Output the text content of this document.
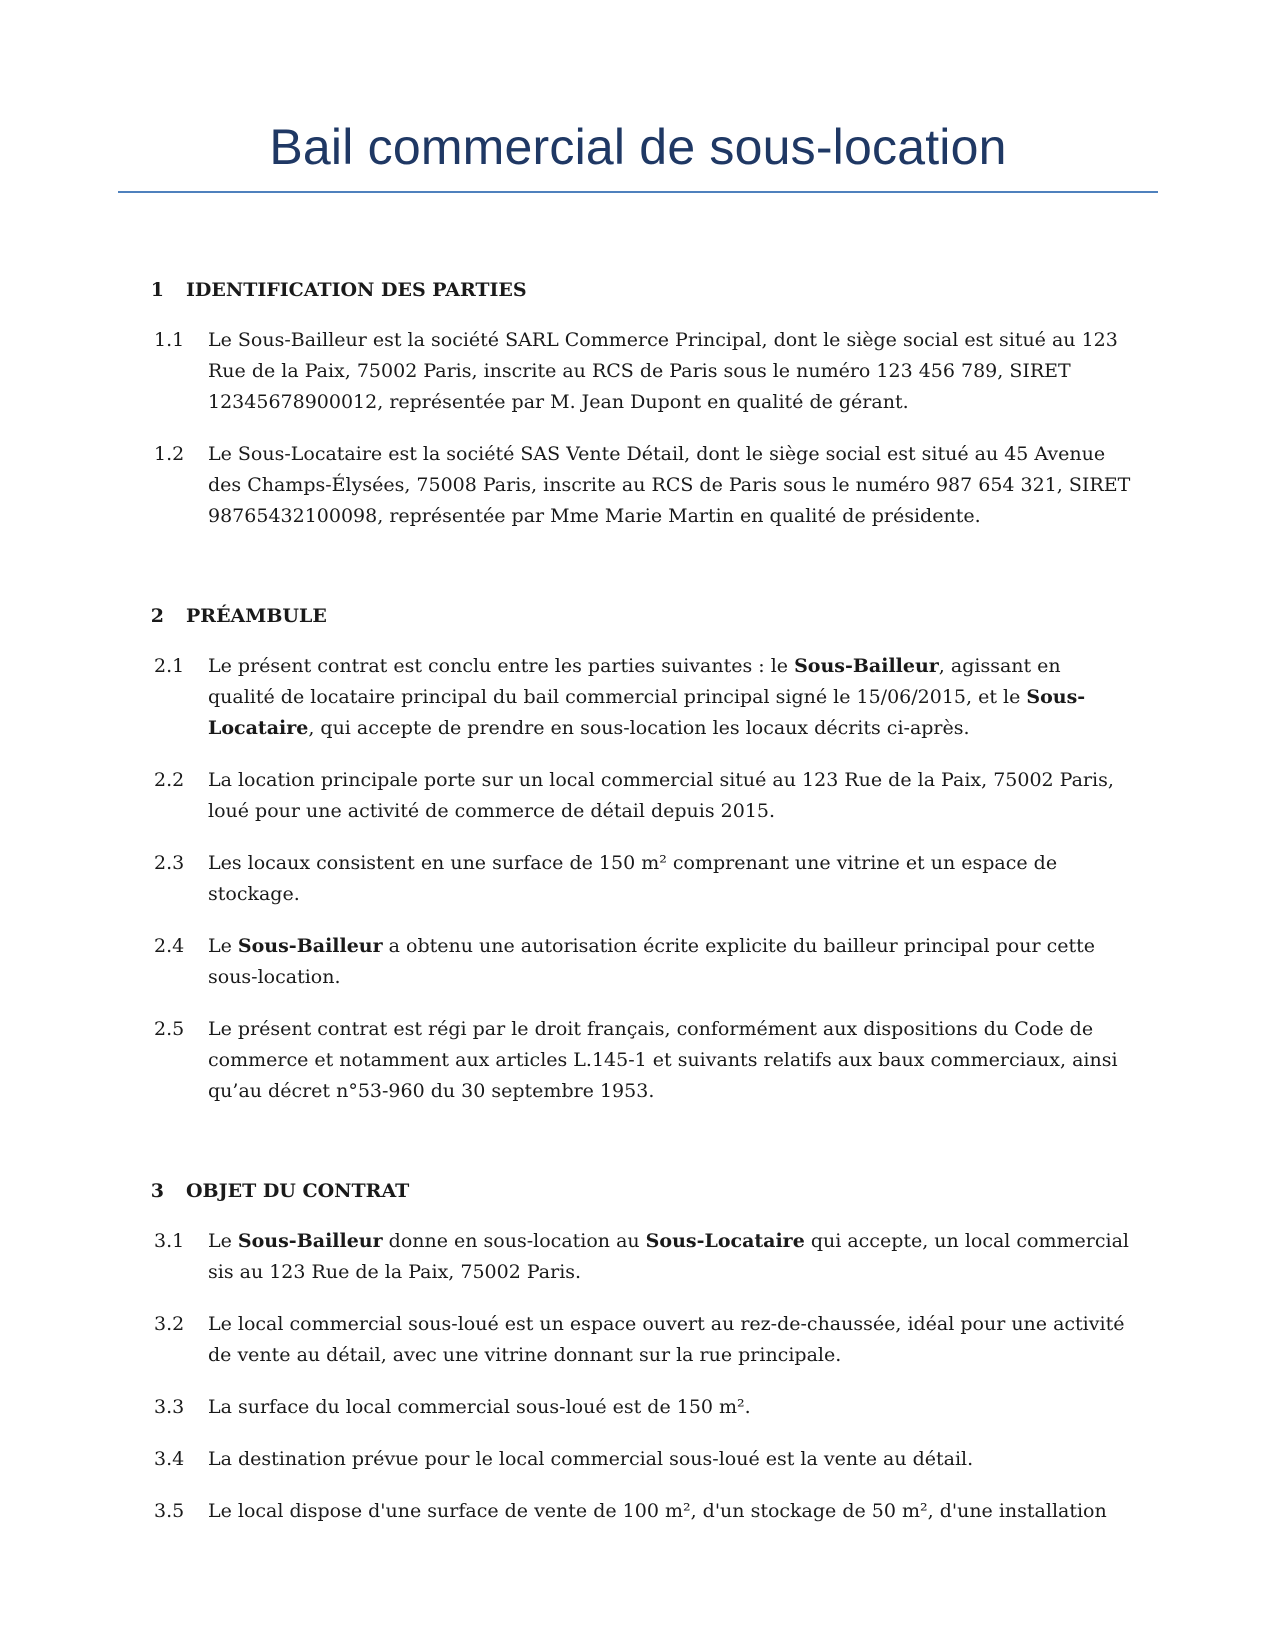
Bail commercial de sous-location
1	IDENTIFICATION DES PARTIES
1.1	Le Sous-Bailleur est la société SARL Commerce Principal, dont le siège social est situé au 123 Rue de la Paix, 75002 Paris, inscrite au RCS de Paris sous le numéro 123 456 789, SIRET 12345678900012, représentée par M. Jean Dupont en qualité de gérant.
1.2	Le Sous-Locataire est la société SAS Vente Détail, dont le siège social est situé au 45 Avenue des Champs-Élysées, 75008 Paris, inscrite au RCS de Paris sous le numéro 987 654 321, SIRET 98765432100098, représentée par Mme Marie Martin en qualité de présidente.
2	PRÉAMBULE
2.1	Le présent contrat est conclu entre les parties suivantes : le Sous-Bailleur, agissant en qualité de locataire principal du bail commercial principal signé le 15/06/2015, et le Sous-Locataire, qui accepte de prendre en sous-location les locaux décrits ci-après.
2.2	La location principale porte sur un local commercial situé au 123 Rue de la Paix, 75002 Paris, loué pour une activité de commerce de détail depuis 2015.
2.3	Les locaux consistent en une surface de 150 m² comprenant une vitrine et un espace de stockage.
2.4	Le Sous-Bailleur a obtenu une autorisation écrite explicite du bailleur principal pour cette sous-location.
2.5	Le présent contrat est régi par le droit français, conformément aux dispositions du Code de commerce et notamment aux articles L.145-1 et suivants relatifs aux baux commerciaux, ainsi qu’au décret n°53-960 du 30 septembre 1953.
3	OBJET DU CONTRAT
3.1	Le Sous-Bailleur donne en sous-location au Sous-Locataire qui accepte, un local commercial sis au 123 Rue de la Paix, 75002 Paris.
3.2	Le local commercial sous-loué est un espace ouvert au rez-de-chaussée, idéal pour une activité de vente au détail, avec une vitrine donnant sur la rue principale.
3.3	La surface du local commercial sous-loué est de 150 m².
3.4	La destination prévue pour le local commercial sous-loué est la vente au détail.
3.5	Le local dispose d'une surface de vente de 100 m², d'un stockage de 50 m², d'une installation
